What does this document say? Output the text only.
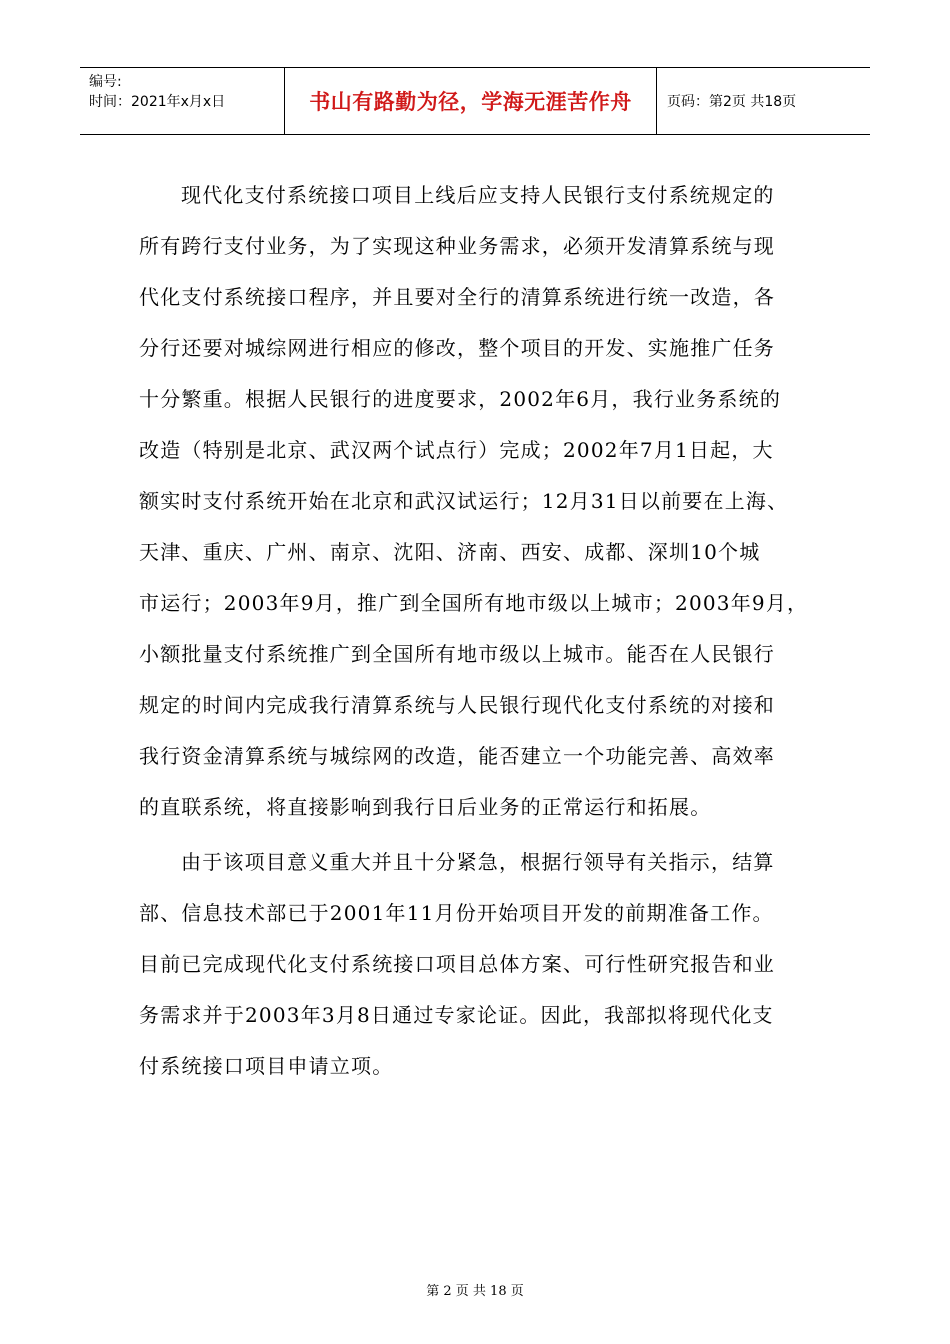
编号:
时间：2021年x月x日	书山有路勤为径，学海无涯苦作舟	页码：第2页 共18页

现代化支付系统接口项目上线后应支持人民银行支付系统规定的
所有跨行支付业务，为了实现这种业务需求，必须开发清算系统与现
代化支付系统接口程序，并且要对全行的清算系统进行统一改造，各
分行还要对城综网进行相应的修改，整个项目的开发、实施推广任务
十分繁重。根据人民银行的进度要求，2002年6月，我行业务系统的
改造（特别是北京、武汉两个试点行）完成；2002年7月1日起，大
额实时支付系统开始在北京和武汉试运行；12月31日以前要在上海、
天津、重庆、广州、南京、沈阳、济南、西安、成都、深圳10个城
市运行；2003年9月，推广到全国所有地市级以上城市；2003年9月，
小额批量支付系统推广到全国所有地市级以上城市。能否在人民银行
规定的时间内完成我行清算系统与人民银行现代化支付系统的对接和
我行资金清算系统与城综网的改造，能否建立一个功能完善、高效率
的直联系统，将直接影响到我行日后业务的正常运行和拓展。

由于该项目意义重大并且十分紧急，根据行领导有关指示，结算
部、信息技术部已于2001年11月份开始项目开发的前期准备工作。
目前已完成现代化支付系统接口项目总体方案、可行性研究报告和业
务需求并于2003年3月8日通过专家论证。因此，我部拟将现代化支
付系统接口项目申请立项。

第 2 页 共 18 页
